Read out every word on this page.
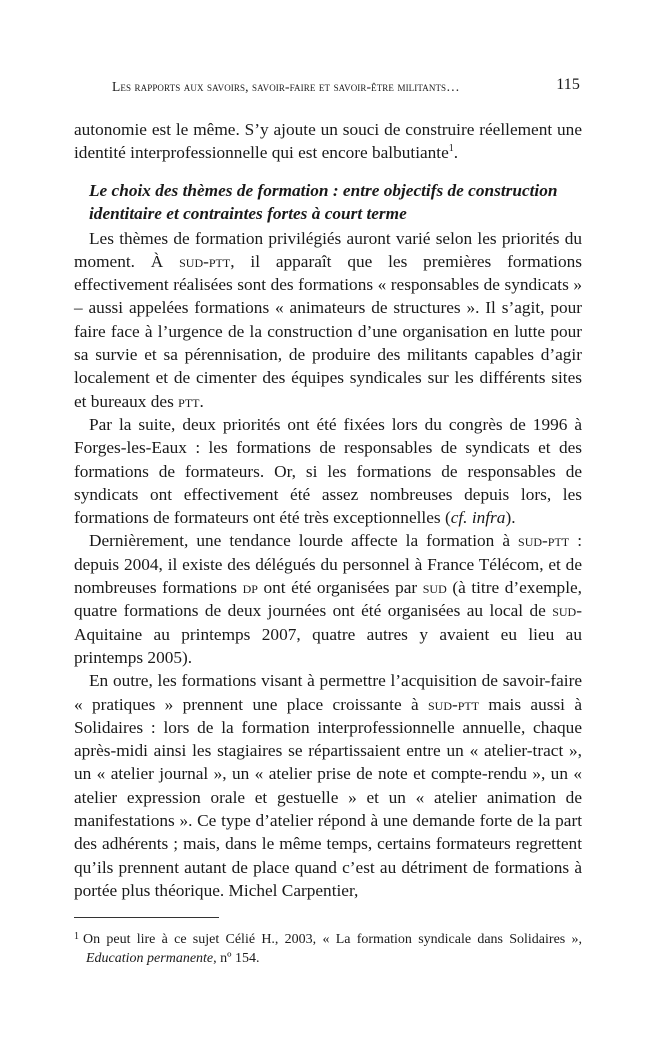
Les rapports aux savoirs, savoir-faire et savoir-être militants…	115

autonomie est le même. S’y ajoute un souci de construire réellement une identité interprofessionnelle qui est encore balbutiante$^1$.

Le choix des thèmes de formation : entre objectifs de construction identitaire et contraintes fortes à court terme

Les thèmes de formation privilégiés auront varié selon les priorités du moment. À sud-ptt, il apparaît que les premières formations effectivement réalisées sont des formations « responsables de syndicats » – aussi appelées formations « animateurs de structures ». Il s’agit, pour faire face à l’urgence de la construction d’une organisation en lutte pour sa survie et sa pérennisation, de produire des militants capables d’agir localement et de cimenter des équipes syndicales sur les différents sites et bureaux des ptt.

Par la suite, deux priorités ont été fixées lors du congrès de 1996 à Forges-les-Eaux : les formations de responsables de syndicats et des formations de formateurs. Or, si les formations de responsables de syndicats ont effectivement été assez nombreuses depuis lors, les formations de formateurs ont été très exceptionnelles (cf. infra).

Dernièrement, une tendance lourde affecte la formation à sud-ptt : depuis 2004, il existe des délégués du personnel à France Télécom, et de nombreuses formations dp ont été organisées par sud (à titre d’exemple, quatre formations de deux journées ont été organisées au local de sud-Aquitaine au printemps 2007, quatre autres y avaient eu lieu au printemps 2005).

En outre, les formations visant à permettre l’acquisition de savoir-faire « pratiques » prennent une place croissante à sud-ptt mais aussi à Solidaires : lors de la formation interprofessionnelle annuelle, chaque après-midi ainsi les stagiaires se répartissaient entre un « atelier-tract », un « atelier journal », un « atelier prise de note et compte-rendu », un « atelier expression orale et gestuelle » et un « atelier animation de manifestations ». Ce type d’atelier répond à une demande forte de la part des adhérents ; mais, dans le même temps, certains formateurs regrettent qu’ils prennent autant de place quand c’est au détriment de formations à portée plus théorique. Michel Carpentier,

$^1$ On peut lire à ce sujet Célié H., 2003, « La formation syndicale dans Solidaires », Education permanente, nº 154.
